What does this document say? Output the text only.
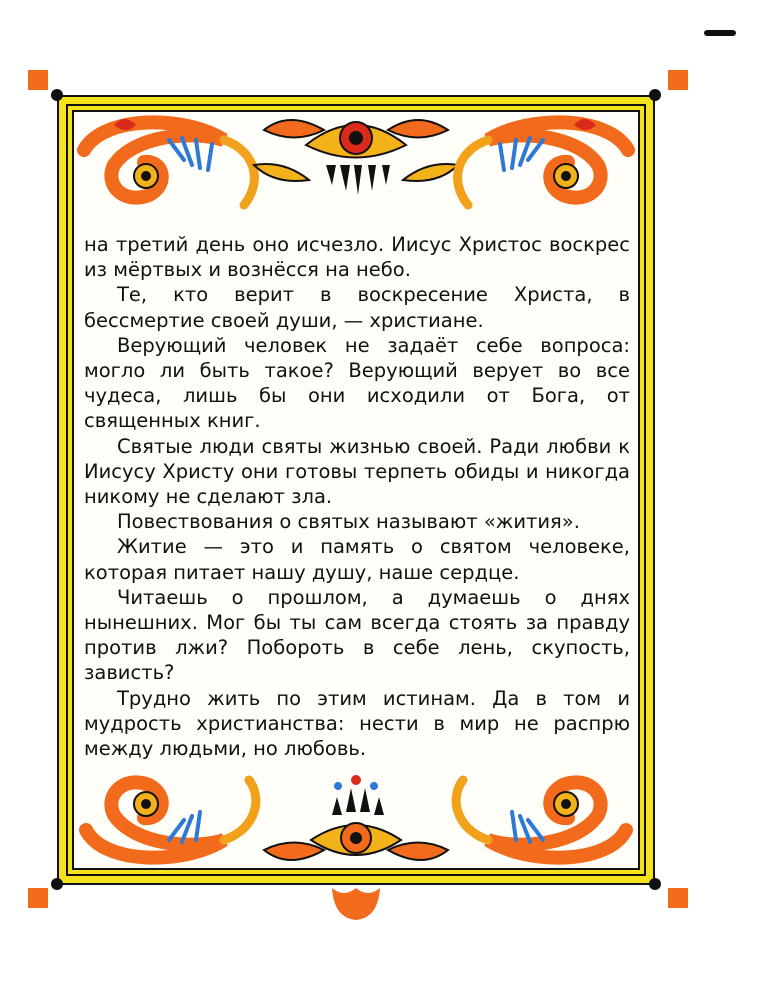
на третий день оно исчезло. Иисус Христос воскрес из мёртвых и вознёсся на небо.

Те, кто верит в воскресение Христа, в бессмертие своей души, — христиане.

Верующий человек не задаёт себе вопроса: могло ли быть такое? Верующий верует во все чудеса, лишь бы они исходили от Бога, от священных книг.

Святые люди святы жизнью своей. Ради любви к Иисусу Христу они готовы терпеть обиды и никогда никому не сделают зла.

Повествования о святых называют «жития».

Житие — это и память о святом человеке, которая питает нашу душу, наше сердце.

Читаешь о прошлом, а думаешь о днях нынешних. Мог бы ты сам всегда стоять за правду против лжи? Побороть в себе лень, скупость, зависть?

Трудно жить по этим истинам. Да в том и мудрость христианства: нести в мир не распрю между людьми, но любовь.
